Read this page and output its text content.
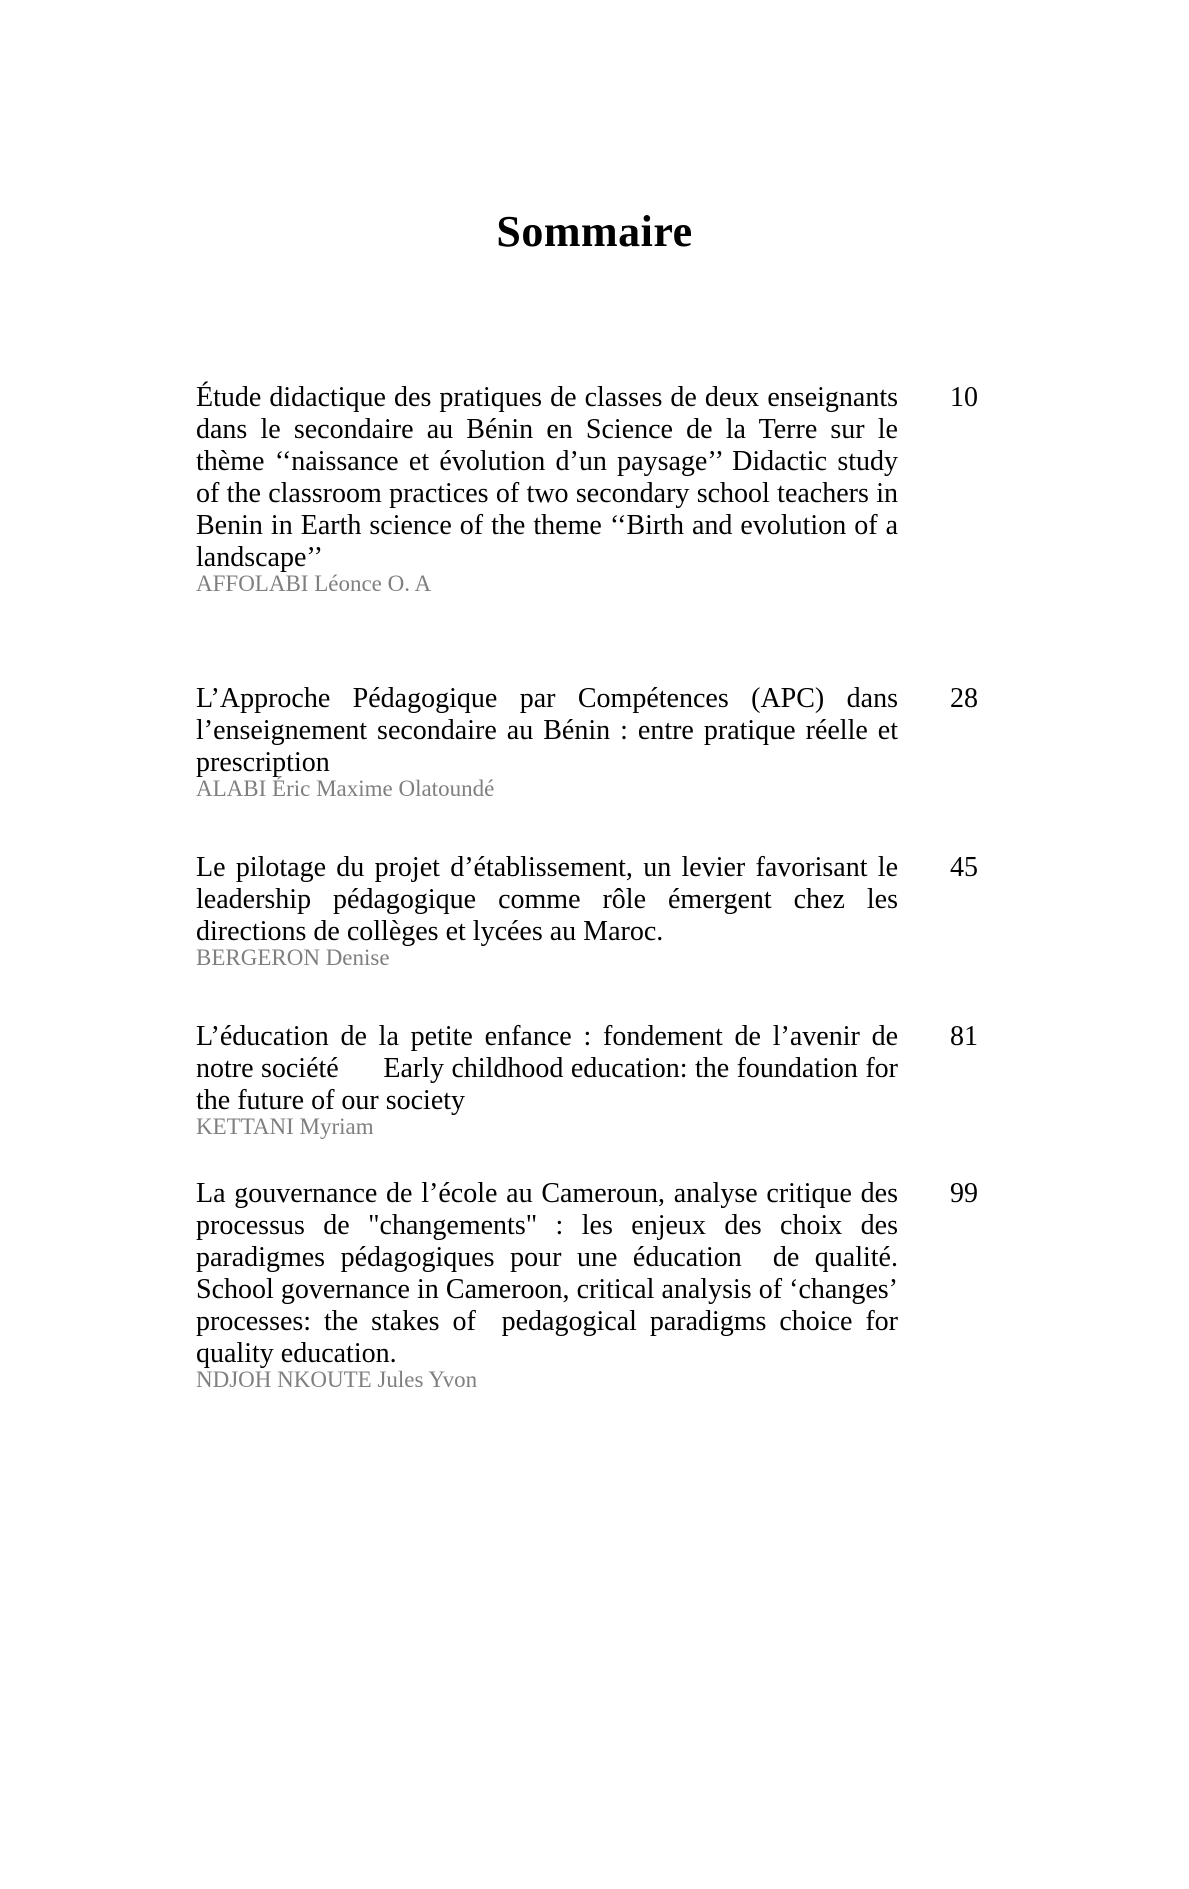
Sommaire

Étude didactique des pratiques de classes de deux enseignants dans le secondaire au Bénin en Science de la Terre sur le thème ‘‘naissance et évolution d’un paysage’’ Didactic study of the classroom practices of two secondary school teachers in Benin in Earth science of the theme ‘‘Birth and evolution of a landscape’’

AFFOLABI Léonce O. A

10

L’Approche Pédagogique par Compétences (APC) dans l’enseignement secondaire au Bénin : entre pratique réelle et prescription

ALABI Éric Maxime Olatoundé

28

Le pilotage du projet d’établissement, un levier favorisant le leadership pédagogique comme rôle émergent chez les directions de collèges et lycées au Maroc.

BERGERON Denise

45

L’éducation de la petite enfance : fondement de l’avenir de notre société      Early childhood education: the foundation for the future of our society

KETTANI Myriam

81

La gouvernance de l’école au Cameroun, analyse critique des processus de "changements" : les enjeux des choix des paradigmes pédagogiques pour une éducation  de qualité. School governance in Cameroon, critical analysis of ‘changes’ processes: the stakes of  pedagogical paradigms choice for quality education.

NDJOH NKOUTE Jules Yvon

99
